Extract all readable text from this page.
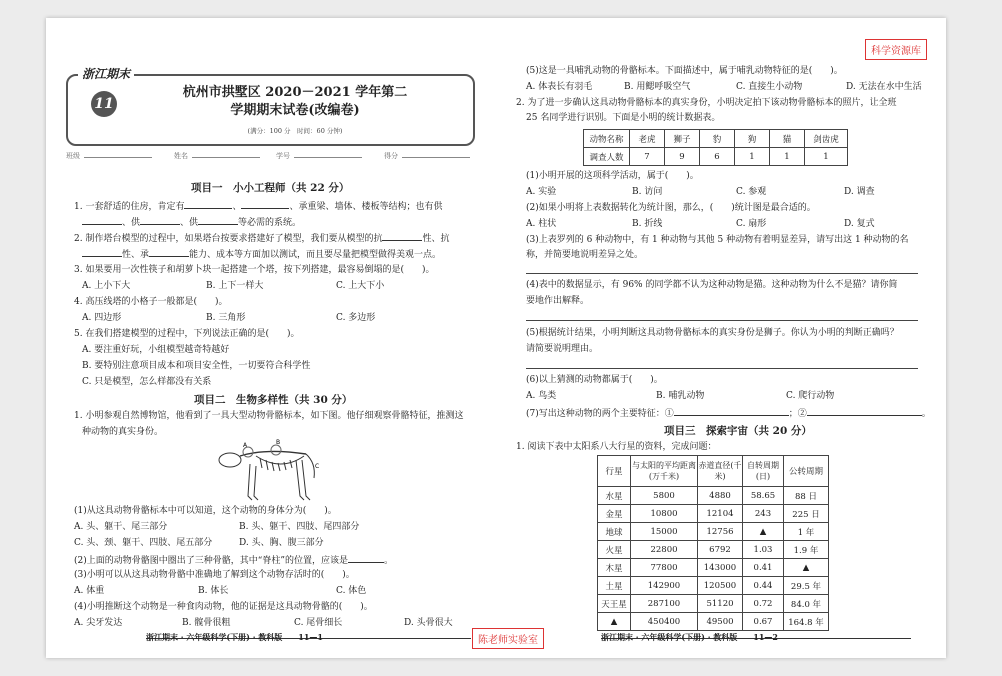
科学资源库
陈老师实验室
浙江期末
11
杭州市拱墅区 2020－2021 学年第二
学期期末试卷(改编卷)
(满分：100 分　时间：60 分钟)
班级	姓名	学号	得分
项目一　小小工程师（共 22 分）
1. 一套舒适的住房，肯定有	、	、承重梁、墙体、楼板等结构；也有供
、供	、供	等必需的系统。
2. 制作塔台模型的过程中，如果塔台按要求搭建好了模型，我们要从模型的抗	性、抗
性、承	能力、成本等方面加以测试，而且要尽量把模型做得美观一点。
3. 如果要用一次性筷子和胡萝卜块一起搭建一个塔，按下列搭建，最容易倒塌的是(　　)。
A. 上小下大	B. 上下一样大	C. 上大下小
4. 高压线塔的小格子一般都是(　　)。
A. 四边形	B. 三角形	C. 多边形
5. 在我们搭建模型的过程中，下列说法正确的是(　　)。
A. 要注重好玩，小组模型越奇特越好
B. 要特别注意项目成本和项目安全性，一切要符合科学性
C. 只是模型，怎么样都没有关系
项目二　生物多样性（共 30 分）
1. 小明参观自然博物馆，他看到了一具大型动物骨骼标本，如下图。他仔细观察骨骼特征，推测这
种动物的真实身份。
A	B
C
(1)从这具动物骨骼标本中可以知道，这个动物的身体分为(　　)。
A. 头、躯干、尾三部分	B. 头、躯干、四肢、尾四部分
C. 头、颈、躯干、四肢、尾五部分	D. 头、胸、腹三部分
(2)上面的动物骨骼图中圈出了三种骨骼，其中“脊柱”的位置，应该是	。
(3)小明可以从这具动物骨骼中准确地了解到这个动物存活时的(　　)。
A. 体重	B. 体长	C. 体色
(4)小明推断这个动物是一种食肉动物，他的证据是这具动物骨骼的(　　)。
A. 尖牙发达	B. 髋骨很粗	C. 尾骨细长	D. 头骨很大
浙江期末 · 六年级科学(下册) · 教科版　　11—1
(5)这是一具哺乳动物的骨骼标本。下面描述中，属于哺乳动物特征的是(　　)。
A. 体表长有羽毛	B. 用鳃呼吸空气	C. 直接生小动物	D. 无法在水中生活
2. 为了进一步确认这具动物骨骼标本的真实身份，小明决定拍下该动物骨骼标本的照片，让全班
25 名同学进行识别。下面是小明的统计数据表。
动物名称	老虎	狮子	豹	狗	猫	剑齿虎
调查人数	7	9	6	1	1	1
(1)小明开展的这项科学活动，属于(　　)。
A. 实验	B. 访问	C. 参观	D. 调查
(2)如果小明将上表数据转化为统计图，那么，(　　)统计图是最合适的。
A. 柱状	B. 折线	C. 扇形	D. 复式
(3)上表罗列的 6 种动物中，有 1 种动物与其他 5 种动物有着明显差异，请写出这 1 种动物的名
称，并简要地说明差异之处。
(4)表中的数据显示，有 96% 的同学都不认为这种动物是猫。这种动物为什么不是猫？请你简
要地作出解释。
(5)根据统计结果，小明判断这具动物骨骼标本的真实身份是狮子。你认为小明的判断正确吗？
请简要说明理由。
(6)以上猜测的动物都属于(　　)。
A. 鸟类	B. 哺乳动物	C. 爬行动物
(7)写出这种动物的两个主要特征：①	；②	。
项目三　探索宇宙（共 20 分）
1. 阅读下表中太阳系八大行星的资料，完成问题：
行星	与太阳的平均距离(万千米)	赤道直径(千米)	自转周期(日)	公转周期
水星	5800	4880	58.65	88 日
金星	10800	12104	243	225 日
地球	15000	12756	▲	1 年
火星	22800	6792	1.03	1.9 年
木星	77800	143000	0.41	▲
土星	142900	120500	0.44	29.5 年
天王星	287100	51120	0.72	84.0 年
▲	450400	49500	0.67	164.8 年
浙江期末 · 六年级科学(下册) · 教科版　　11—2
